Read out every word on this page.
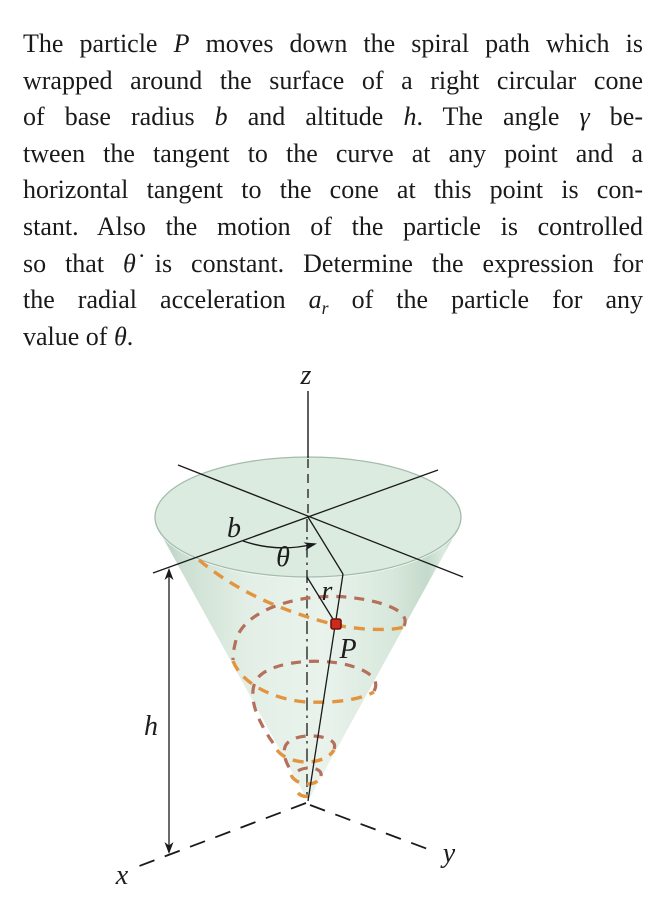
The particle P moves down the spiral path which is
wrapped around the surface of a right circular cone
of base radius b and altitude h. The angle γ be-
tween the tangent to the curve at any point and a
horizontal tangent to the cone at this point is con-
stant. Also the motion of the particle is controlled
so that θ̇ is constant. Determine the expression for
the radial acceleration $a_r$ of the particle for any
value of θ.
z
b
θ
r
P
h
x
y
